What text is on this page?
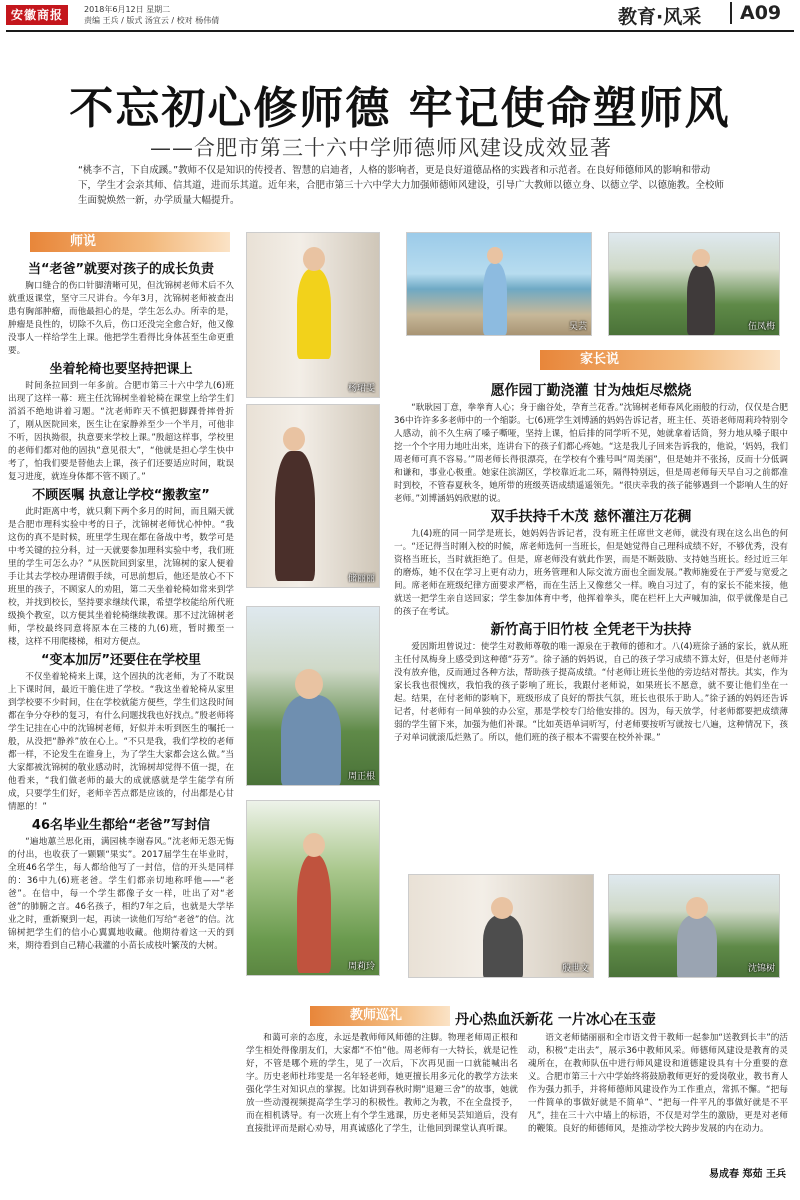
安徽商报	2018年6月12日 星期二
责编 王兵 / 版式 汤宜云 / 校对 杨伟倩	教育·风采	A09
不忘初心修师德 牢记使命塑师风
——合肥市第三十六中学师德师风建设成效显著
“桃李不言，下自成蹊。”教师不仅是知识的传授者、智慧的启迪者，人格的影响者，更是良好道德品格的实践者和示范者。在良好师德师风的影响和带动下，学生才会亲其师、信其道，进而乐其道。近年来，合肥市第三十六中学大力加强师德师风建设，引导广大教师以德立身、以德立学、以德施教。全校师生面貌焕然一新，办学质量大幅提升。
师说
当“老爸”就要对孩子的成长负责

胸口缝合的伤口针脚清晰可见，但沈锦树老师术后不久就重返课堂，坚守三尺讲台。今年3月，沈锦树老师被查出患有胸部肿瘤，而他最担心的是，学生怎么办。所幸的是，肿瘤是良性的，切除不久后，伤口还没完全愈合好，他又像没事人一样给学生上课。他把学生看得比身体甚至生命更重要。

坐着轮椅也要坚持把课上

时间条拉回到一年多前。合肥市第三十六中学九(6)班出现了这样一幕：班主任沈锦树坐着轮椅在课堂上给学生们滔滔不绝地讲着习题。“沈老师昨天不慎把脚踝骨摔骨折了，刚从医院回来，医生让在家静养至少一个半月，可他非不听，因执拗很，执意要来学校上课。”殷超这样事，学校里的老师们都对他的固执“意见很大”，“他就是担心学生快中考了，怕我们要是替他去上课，孩子们还要适应时间，耽误复习进度，就连身体都不管不顾了。”

不顾医嘱 执意让学校“搬教室”

此时距离中考，就只剩下两个多月的时间，而且隔天就是合肥市理科实验中考的日子，沈锦树老师忧心忡忡。“我这伤的真不是时候，班里学生现在都在备战中考，数学可是中考关键的拉分科，过一天就要参加理科实验中考，我们班里的学生可怎么办？”从医院回到家里，沈锦树的家人便着手让其去学校办理请假手续，可思前想后，他还是放心不下班里的孩子，不顾家人的劝阻，第二天坐着轮椅如常来到学校，并找到校长，坚持要求继续代课，希望学校能给所代班级换个教室，以方便其坐着轮椅继续教课。那不过沈锦树老师，学校最终同意将原本在三楼的九(6)班，暂时搬至一楼，这样不用爬楼梯，相对方便点。

“变本加厉”还要住在学校里

不仅坐着轮椅来上课，这个固执的沈老师，为了不耽误上下课时间，最近干脆住进了学校。“我这坐着轮椅从家里到学校要不少时间，住在学校就能方便些，学生们这段时间都在争分夺秒的复习，有什么问题找我也好找点。”殷老师将学生记挂在心中的沈锦树老师，好似并未听到医生的嘱托一般，从没把“静养”放在心上。“不只是我，我们学校的老师都一样，不论发生在谁身上，为了学生大家都会这么做。”当大家都被沈锦树的敬业感动时，沈锦树却觉得不值一提，在他看来，“我们做老师的最大的成就感就是学生能学有所成，只要学生们好，老师辛苦点都是应该的，付出都是心甘情愿的！”

46名毕业生都给“老爸”写封信

“遍地蕙兰思化雨，满园桃李谢春风。”沈老师无怨无悔的付出，也收获了一颗颗“果实”。2017届学生在毕业时，全班46名学生，每人都给他写了一封信，信的开头是同样的：36中九(6)班老爸。学生们都亲切地称呼他——“老爸”。在信中，每一个学生都像子女一样，吐出了对“老爸”的肺腑之言。46名孩子，相约7年之后，也就是大学毕业之时，重新聚到一起，再读一读他们写给“老爸”的信。沈锦树把学生们的信小心翼翼地收藏。他期待着这一天的到来，期待看到自己精心栽灌的小苗长成枝叶繁茂的大树。

杨珺雯
储丽丽
周正根
周莉玲
吴芸	伍凤梅
家长说
愿作园丁勤浇灌 甘为烛炬尽燃烧

“耿耿园丁意，拳拳育人心；身于幽谷处，孕育兰花香。”沈锦树老师春风化雨般的行动，仅仅是合肥36中许许多多老师中的一个缩影。七(6)班学生刘博涵的妈妈告诉记者，班主任、英语老师周莉玲特别令人感动，前不久生病了嗓子嘶哑，坚持上课，怕后排的同学听不见，她就拿着话筒，努力地从嗓子眼中挖一个个字用力地吐出来，连讲台下的孩子们都心疼她。“这是我儿子回来告诉我的，他说，‘妈妈，我们周老师可真不容易。’”周老师长得很漂亮，在学校有个雅号叫“周美丽”，但是她并不张扬，反而十分低调和谦和，事业心极重。她家住滨湖区，学校靠近北二环，隔得特别远，但是周老师每天早自习之前都准时到校，不管春夏秋冬，她所带的班级英语成绩遥遥领先。“很庆幸我的孩子能够遇到一个影响人生的好老师。”刘博涵妈妈欣慰的说。

双手扶持千木茂 慈怀灌注万花稠

九(4)班的同一同学是班长，她妈妈告诉记者，没有班主任席世文老师，就没有现在这么出色的何一。“还记得当时刚入校的时候，席老师选何一当班长，但是她觉得自己理科成绩不好，不够优秀，没有资格当班长，当时就拒绝了。但是，席老师没有就此作罢，而是不断鼓励、支持她当班长。经过近三年的磨炼，她不仅在学习上更有动力，班务管理和人际交流方面也全面发展。”教师施爱在于严爱与宽爱之间。席老师在班级纪律方面要求严格，而在生活上又像慈父一样。晚自习过了，有的家长不能来接，他就送一把学生亲自送回家；学生参加体育中考，他挥着拳头，爬在栏杆上大声喊加油，似乎就像是自己的孩子在考试。

新竹高于旧竹枝 全凭老干为扶持

爱因斯坦曾说过：使学生对教师尊敬的唯一源泉在于教师的德和才。八(4)班徐子涵的家长，就从班主任付凤梅身上感受到这种德“芬芳”。徐子涵的妈妈说，自己的孩子学习成绩不算太好，但是付老师并没有放弃他，反而通过各种方法，帮助孩子提高成绩。“付老师让班长坐他的旁边结对帮扶。其实，作为家长我也很愧疚，我怕我的孩子影响了班长，我跟付老师说，如果班长不愿意，就不要让他们坐在一起。结果，在付老师的影响下，班级形成了良好的帮扶气氛，班长也很乐于助人。”徐子涵的妈妈还告诉记者，付老师有一间单独的办公室，那是学校专门给他安排的。因为，每天放学，付老师都要把成绩薄弱的学生留下来，加强为他们补课。“比如英语单词听写，付老师要按听写就按七八遍，这种情况下，孩子对单词就滚瓜烂熟了。所以，他们班的孩子根本不需要在校外补课。”

殷世文	沈锦树
教师巡礼	丹心热血沃新花 一片冰心在玉壶

和蔼可亲的态度，永远是教师师风师德的注脚。物理老师周正根和学生相处得像朋友们，大家都“不怕”他。周老师有一大特长，就是记性好，不管是哪个班的学生，见了一次后，下次再见面一口就能喊出名字。历史老师杜玮雯是一名年轻老师，她更擅长用多元化的教学方法来强化学生对知识点的掌握。比如讲到春秋时期“退避三舍”的故事，她就放一些动漫视频提高学生学习的积极性。教师之为教，不在全盘授予，而在相机诱导。有一次班上有个学生逃课，历史老师吴芸知道后，没有直接批评而是耐心劝导，用真诚感化了学生，让他回到课堂认真听课。

语文老师储丽丽和全市语文骨干教师一起参加“送教到长丰”的活动，积极“走出去”，展示36中教师风采。师德师风建设是教育的灵魂所在，在教师队伍中进行师风建设和道德建设具有十分重要的意义。合肥市第三十六中学始终将鼓励教师更好的爱岗敬业，教书育人作为强力抓手，并将师德师风建设作为工作重点，常抓不懈。“把每一件简单的事做好就是不简单”、“把每一件平凡的事做好就是不平凡”，挂在三十六中墙上的标语，不仅是对学生的激励，更是对老师的鞭策。良好的师德师风，是推动学校大跨步发展的内在动力。

易成春 郑茹 王兵
